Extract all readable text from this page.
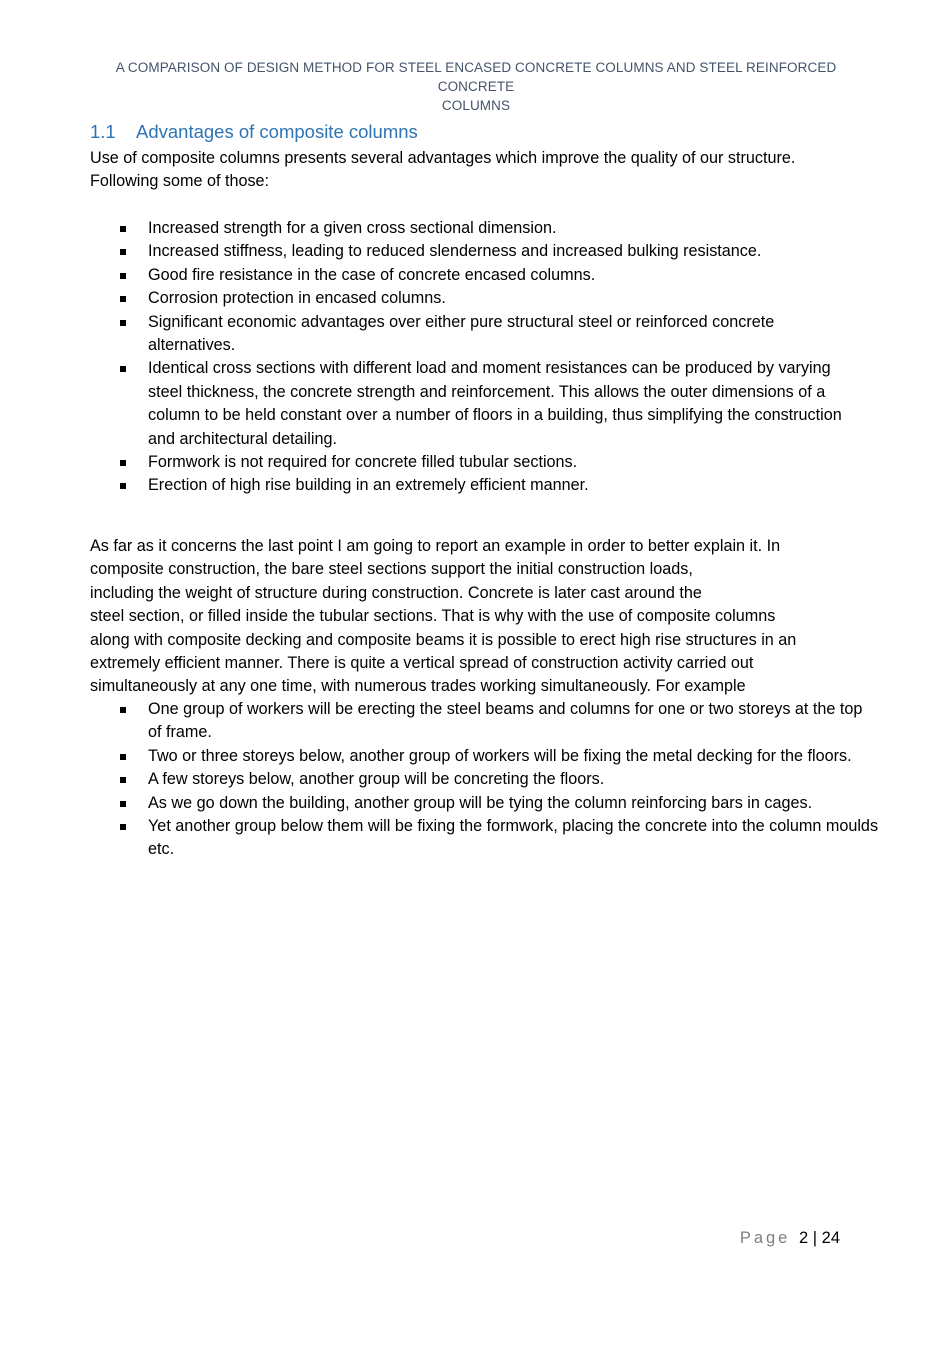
A COMPARISON OF DESIGN METHOD FOR STEEL ENCASED CONCRETE COLUMNS AND STEEL REINFORCED CONCRETE
COLUMNS
1.1 Advantages of composite columns
Use of composite columns presents several advantages which improve the quality of our structure.
Following some of those:
Increased strength for a given cross sectional dimension.
Increased stiffness, leading to reduced slenderness and increased bulking resistance.
Good fire resistance in the case of concrete encased columns.
Corrosion protection in encased columns.
Significant economic advantages over either pure structural steel or reinforced concrete alternatives.
Identical cross sections with different load and moment resistances can be produced by varying steel thickness, the concrete strength and reinforcement. This allows the outer dimensions of a column to be held constant over a number of floors in a building, thus simplifying the construction and architectural detailing.
Formwork is not required for concrete filled tubular sections.
Erection of high rise building in an extremely efficient manner.
As far as it concerns the last point I am going to report an example in order to better explain it. In
composite construction, the bare steel sections support the initial construction loads,
including the weight of structure during construction. Concrete is later cast around the
steel section, or filled inside the tubular sections. That is why with the use of composite columns
along with composite decking and composite beams it is possible to erect high rise structures in an
extremely efficient manner. There is quite a vertical spread of construction activity carried out
simultaneously at any one time, with numerous trades working simultaneously. For example
One group of workers will be erecting the steel beams and columns for one or two storeys at the top of frame.
Two or three storeys below, another group of workers will be fixing the metal decking for the floors.
A few storeys below, another group will be concreting the floors.
As we go down the building, another group will be tying the column reinforcing bars in cages.
Yet another group below them will be fixing the formwork, placing the concrete into the column moulds etc.
Page 2 | 24
